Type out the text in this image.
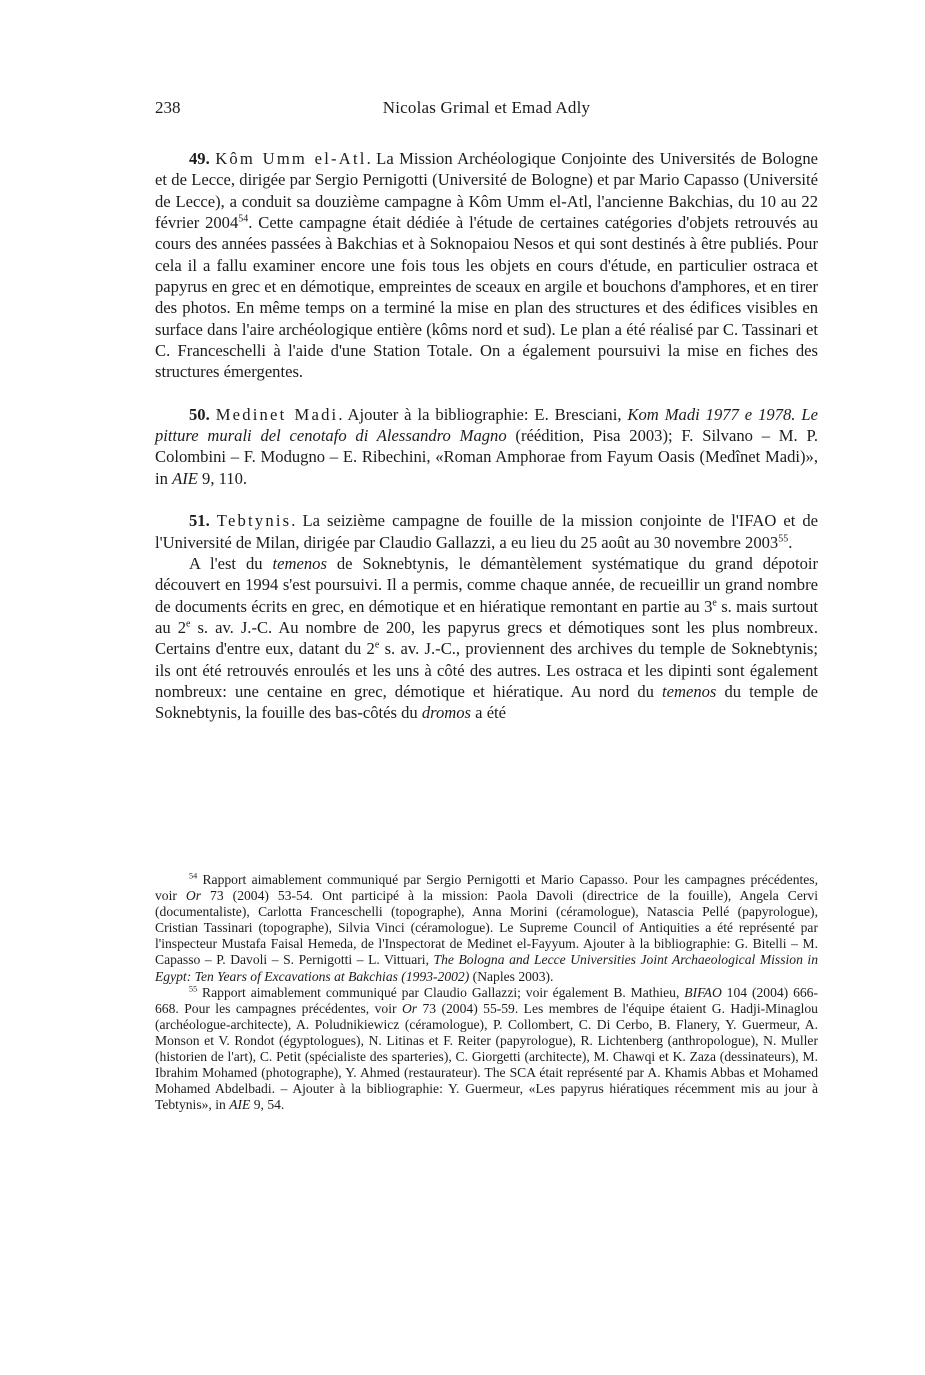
238	Nicolas Grimal et Emad Adly

49. Kôm Umm el-Atl. La Mission Archéologique Conjointe des Universités de Bologne et de Lecce, dirigée par Sergio Pernigotti (Université de Bologne) et par Mario Capasso (Université de Lecce), a conduit sa douzième campagne à Kôm Umm el-Atl, l'ancienne Bakchias, du 10 au 22 février 2004$^{54}$. Cette campagne était dédiée à l'étude de certaines catégories d'objets retrouvés au cours des années passées à Bakchias et à Soknopaiou Nesos et qui sont destinés à être publiés. Pour cela il a fallu examiner encore une fois tous les objets en cours d'étude, en particulier ostraca et papyrus en grec et en démotique, empreintes de sceaux en argile et bouchons d'amphores, et en tirer des photos. En même temps on a terminé la mise en plan des structures et des édifices visibles en surface dans l'aire archéologique entière (kôms nord et sud). Le plan a été réalisé par C. Tassinari et C. Franceschelli à l'aide d'une Station Totale. On a également poursuivi la mise en fiches des structures émergentes.

50. Medinet Madi. Ajouter à la bibliographie: E. Bresciani, Kom Madi 1977 e 1978. Le pitture murali del cenotafo di Alessandro Magno (réédition, Pisa 2003); F. Silvano – M. P. Colombini – F. Modugno – E. Ribechini, «Roman Amphorae from Fayum Oasis (Medînet Madi)», in AIE 9, 110.

51. Tebtynis. La seizième campagne de fouille de la mission conjointe de l'IFAO et de l'Université de Milan, dirigée par Claudio Gallazzi, a eu lieu du 25 août au 30 novembre 2003$^{55}$.

A l'est du temenos de Soknebtynis, le démantèlement systématique du grand dépotoir découvert en 1994 s'est poursuivi. Il a permis, comme chaque année, de recueillir un grand nombre de documents écrits en grec, en démotique et en hiératique remontant en partie au 3e s. mais surtout au 2e s. av. J.-C. Au nombre de 200, les papyrus grecs et démotiques sont les plus nombreux. Certains d'entre eux, datant du 2e s. av. J.-C., proviennent des archives du temple de Soknebtynis; ils ont été retrouvés enroulés et les uns à côté des autres. Les ostraca et les dipinti sont également nombreux: une centaine en grec, démotique et hiératique. Au nord du temenos du temple de Soknebtynis, la fouille des bas-côtés du dromos a été

$^{54}$ Rapport aimablement communiqué par Sergio Pernigotti et Mario Capasso. Pour les campagnes précédentes, voir Or 73 (2004) 53-54. Ont participé à la mission: Paola Davoli (directrice de la fouille), Angela Cervi (documentaliste), Carlotta Franceschelli (topographe), Anna Morini (céramologue), Natascia Pellé (papyrologue), Cristian Tassinari (topographe), Silvia Vinci (céramologue). Le Supreme Council of Antiquities a été représenté par l'inspecteur Mustafa Faisal Hemeda, de l'Inspectorat de Medinet el-Fayyum. Ajouter à la bibliographie: G. Bitelli – M. Capasso – P. Davoli – S. Pernigotti – L. Vittuari, The Bologna and Lecce Universities Joint Archaeological Mission in Egypt: Ten Years of Excavations at Bakchias (1993-2002) (Naples 2003).

$^{55}$ Rapport aimablement communiqué par Claudio Gallazzi; voir également B. Mathieu, BIFAO 104 (2004) 666-668. Pour les campagnes précédentes, voir Or 73 (2004) 55-59. Les membres de l'équipe étaient G. Hadji-Minaglou (archéologue-architecte), A. Poludnikiewicz (céramologue), P. Collombert, C. Di Cerbo, B. Flanery, Y. Guermeur, A. Monson et V. Rondot (égyptologues), N. Litinas et F. Reiter (papyrologue), R. Lichtenberg (anthropologue), N. Muller (historien de l'art), C. Petit (spécialiste des sparteries), C. Giorgetti (architecte), M. Chawqi et K. Zaza (dessinateurs), M. Ibrahim Mohamed (photographe), Y. Ahmed (restaurateur). The SCA était représenté par A. Khamis Abbas et Mohamed Mohamed Abdelbadi. – Ajouter à la bibliographie: Y. Guermeur, «Les papyrus hiératiques récemment mis au jour à Tebtynis», in AIE 9, 54.
